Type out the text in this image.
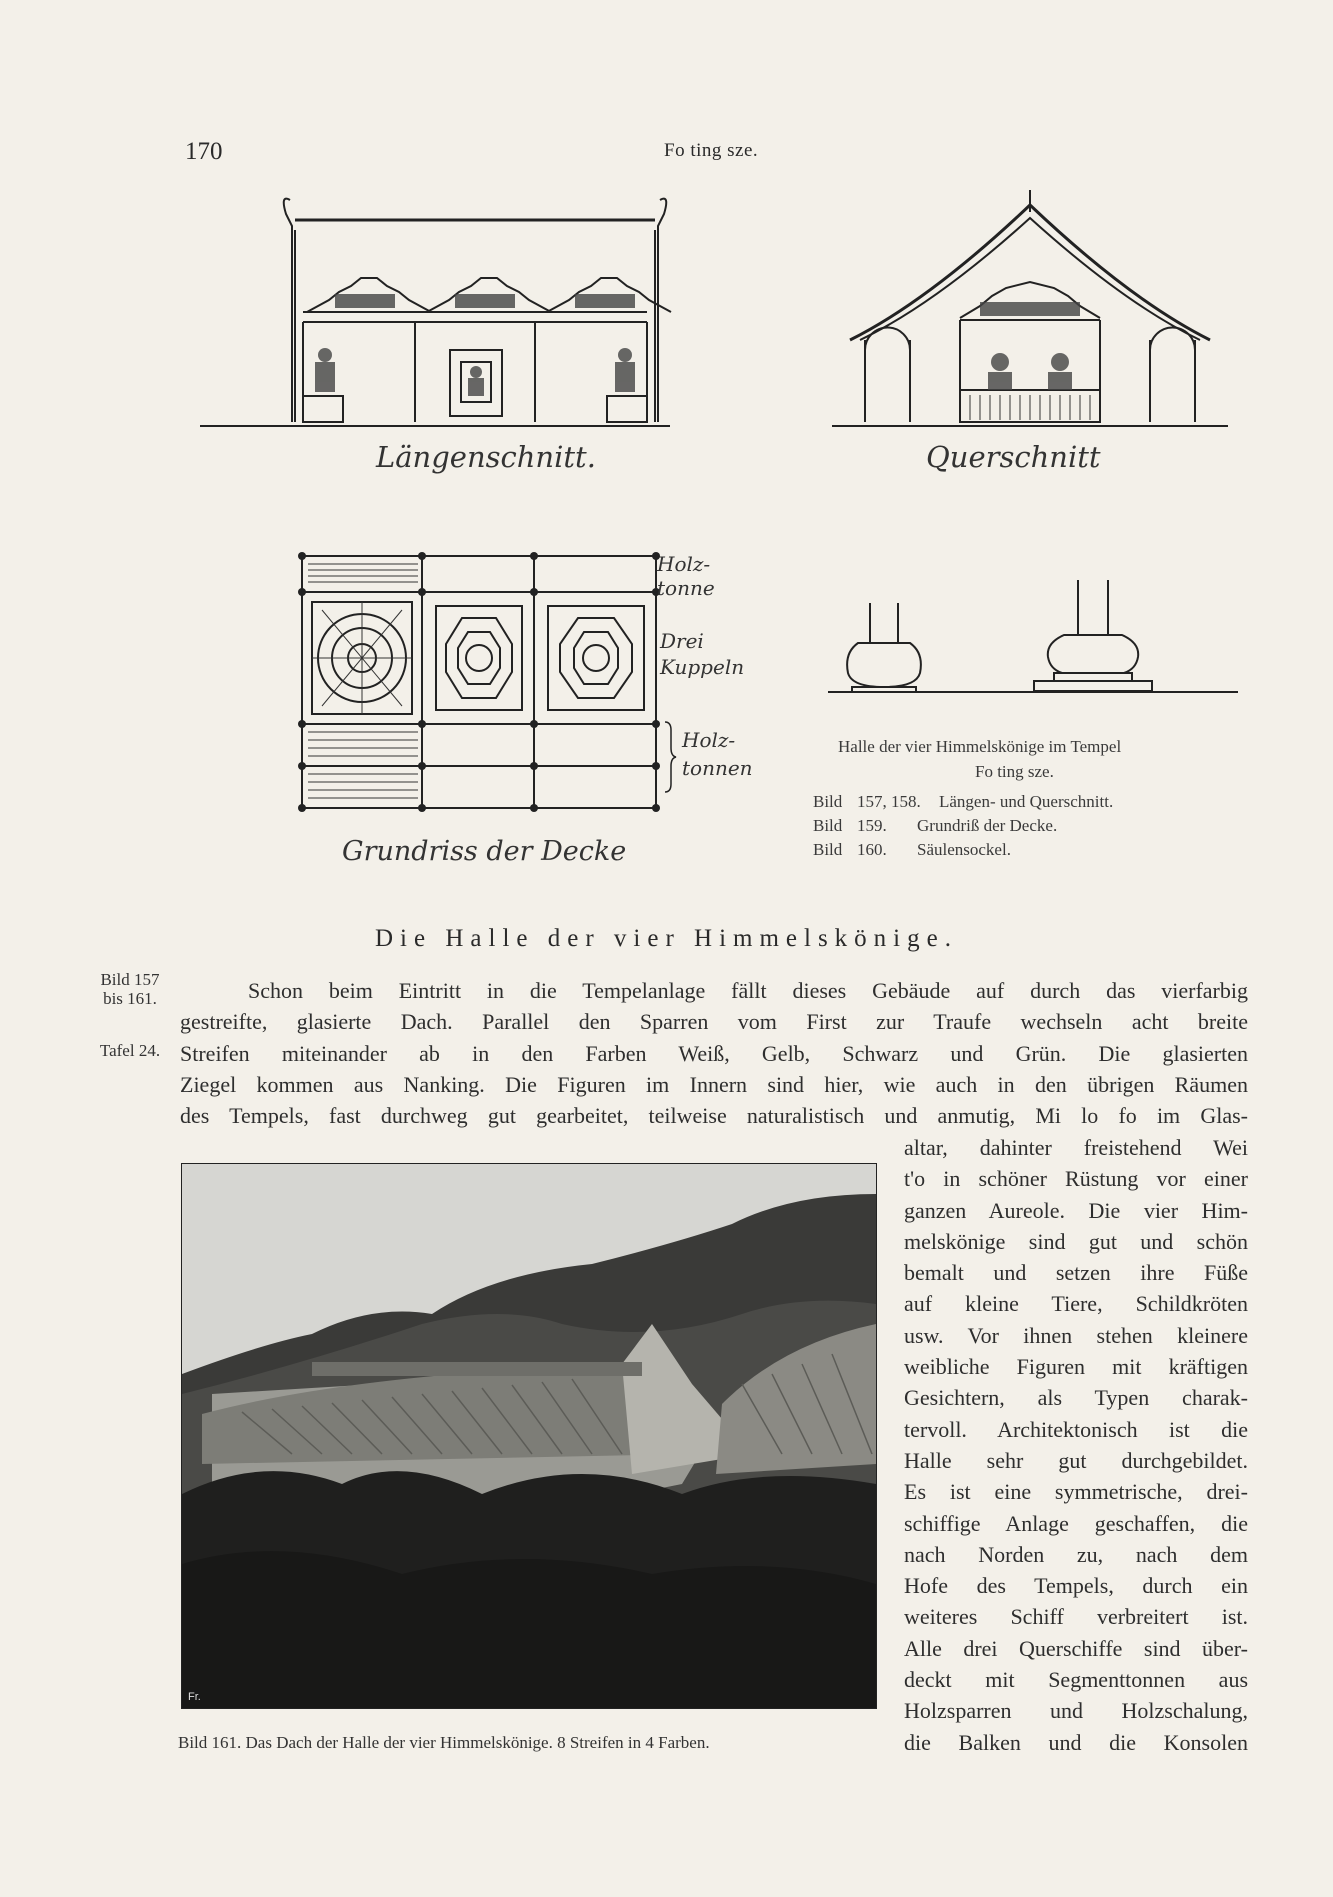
170	Fo ting sze.
Längenschnitt.	Querschnitt
Holz-
tonne
Drei
Kuppeln
Holz-
tonnen
Grundriss der Decke
Halle der vier Himmelskönige im Tempel
Fo ting sze.
Bild 157, 158. Längen- und Querschnitt.
Bild 159. Grundriß der Decke.
Bild 160. Säulensockel.
Die Halle der vier Himmelskönige.
Bild 157
bis 161.
Tafel 24.

Schon beim Eintritt in die Tempelanlage fällt dieses Gebäude auf durch das vierfarbig

gestreifte, glasierte Dach. Parallel den Sparren vom First zur Traufe wechseln acht breite

Streifen miteinander ab in den Farben Weiß, Gelb, Schwarz und Grün. Die glasierten

Ziegel kommen aus Nanking. Die Figuren im Innern sind hier, wie auch in den übrigen Räumen

des Tempels, fast durchweg gut gearbeitet, teilweise naturalistisch und anmutig, Mi lo fo im Glas-

altar, dahinter freistehend Wei

t'o in schöner Rüstung vor einer

ganzen Aureole. Die vier Him-

melskönige sind gut und schön

bemalt und setzen ihre Füße

auf kleine Tiere, Schildkröten

usw. Vor ihnen stehen kleinere

weibliche Figuren mit kräftigen

Gesichtern, als Typen charak-

tervoll. Architektonisch ist die

Halle sehr gut durchgebildet.

Es ist eine symmetrische, drei-

schiffige Anlage geschaffen, die

nach Norden zu, nach dem

Hofe des Tempels, durch ein

weiteres Schiff verbreitert ist.

Alle drei Querschiffe sind über-

deckt mit Segmenttonnen aus

Holzsparren und Holzschalung,

die Balken und die Konsolen

Fr.
Bild 161. Das Dach der Halle der vier Himmelskönige. 8 Streifen in 4 Farben.
